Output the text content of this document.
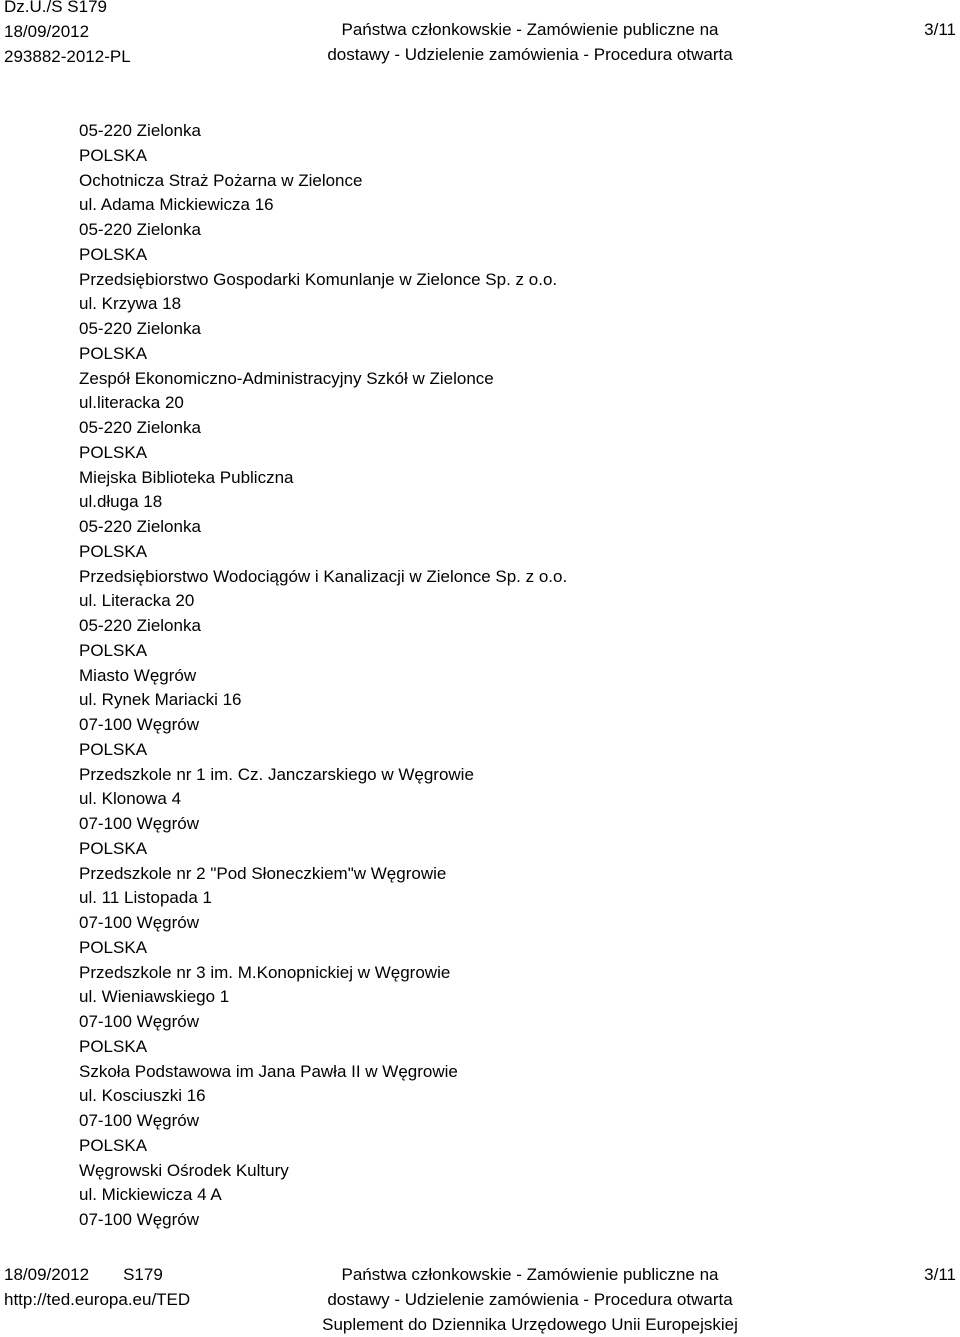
Dz.U./S S179
18/09/2012
293882-2012-PL
Państwa członkowskie - Zamówienie publiczne na
dostawy - Udzielenie zamówienia - Procedura otwarta
3/11
05-220 Zielonka
POLSKA
Ochotnicza Straż Pożarna w Zielonce
ul. Adama Mickiewicza 16
05-220 Zielonka
POLSKA
Przedsiębiorstwo Gospodarki Komunlanje w Zielonce Sp. z o.o.
ul. Krzywa 18
05-220 Zielonka
POLSKA
Zespół Ekonomiczno-Administracyjny Szkół w Zielonce
ul.literacka 20
05-220 Zielonka
POLSKA
Miejska Biblioteka Publiczna
ul.długa 18
05-220 Zielonka
POLSKA
Przedsiębiorstwo Wodociągów i Kanalizacji w Zielonce Sp. z o.o.
ul. Literacka 20
05-220 Zielonka
POLSKA
Miasto Węgrów
ul. Rynek Mariacki 16
07-100 Węgrów
POLSKA
Przedszkole nr 1 im. Cz. Janczarskiego w Węgrowie
ul. Klonowa 4
07-100 Węgrów
POLSKA
Przedszkole nr 2 "Pod Słoneczkiem"w Węgrowie
ul. 11 Listopada 1
07-100 Węgrów
POLSKA
Przedszkole nr 3 im. M.Konopnickiej w Węgrowie
ul. Wieniawskiego 1
07-100 Węgrów
POLSKA
Szkoła Podstawowa im Jana Pawła II w Węgrowie
ul. Kosciuszki 16
07-100 Węgrów
POLSKA
Węgrowski Ośrodek Kultury
ul. Mickiewicza 4 A
07-100 Węgrów
18/09/2012 S179
http://ted.europa.eu/TED
Państwa członkowskie - Zamówienie publiczne na
dostawy - Udzielenie zamówienia - Procedura otwarta
Suplement do Dziennika Urzędowego Unii Europejskiej
3/11
